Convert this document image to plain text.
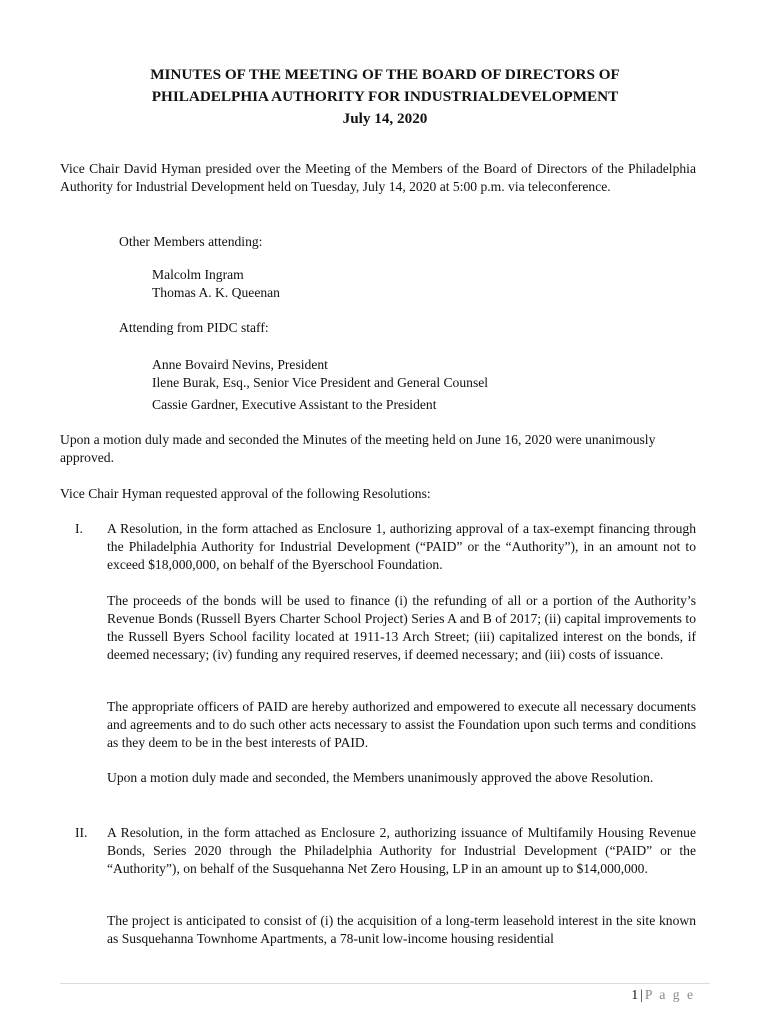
MINUTES OF THE MEETING OF THE BOARD OF DIRECTORS OF
PHILADELPHIA AUTHORITY FOR INDUSTRIALDEVELOPMENT
July 14, 2020
Vice Chair David Hyman presided over the Meeting of the Members of the Board of Directors of the Philadelphia Authority for Industrial Development held on Tuesday, July 14, 2020 at 5:00 p.m. via teleconference.
Other Members attending:
Malcolm Ingram
Thomas A. K. Queenan
Attending from PIDC staff:
Anne Bovaird Nevins, President
Ilene Burak, Esq., Senior Vice President and General Counsel
Cassie Gardner, Executive Assistant to the President
Upon a motion duly made and seconded the Minutes of the meeting held on June 16, 2020 were unanimously approved.
Vice Chair Hyman requested approval of the following Resolutions:
I. A Resolution, in the form attached as Enclosure 1, authorizing approval of a tax-exempt financing through the Philadelphia Authority for Industrial Development (“PAID” or the “Authority”), in an amount not to exceed $18,000,000, on behalf of the Byerschool Foundation.
The proceeds of the bonds will be used to finance (i) the refunding of all or a portion of the Authority’s Revenue Bonds (Russell Byers Charter School Project) Series A and B of 2017; (ii) capital improvements to the Russell Byers School facility located at 1911-13 Arch Street; (iii) capitalized interest on the bonds, if deemed necessary; (iv) funding any required reserves, if deemed necessary; and (iii) costs of issuance.
The appropriate officers of PAID are hereby authorized and empowered to execute all necessary documents and agreements and to do such other acts necessary to assist the Foundation upon such terms and conditions as they deem to be in the best interests of PAID.
Upon a motion duly made and seconded, the Members unanimously approved the above Resolution.
II. A Resolution, in the form attached as Enclosure 2, authorizing issuance of Multifamily Housing Revenue Bonds, Series 2020 through the Philadelphia Authority for Industrial Development (“PAID” or the “Authority”), on behalf of the Susquehanna Net Zero Housing, LP in an amount up to $14,000,000.
The project is anticipated to consist of (i) the acquisition of a long-term leasehold interest in the site known as Susquehanna Townhome Apartments, a 78-unit low-income housing residential
1 | P a g e
